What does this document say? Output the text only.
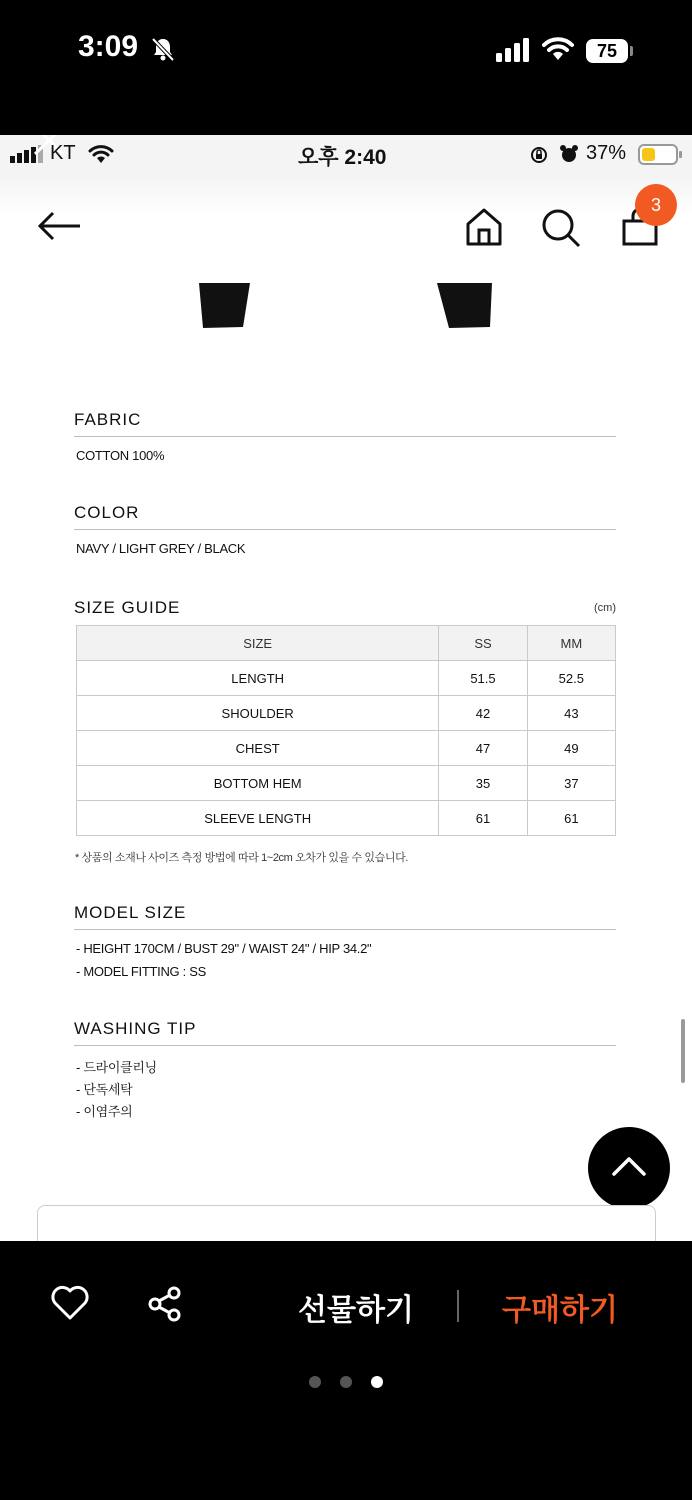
3:09	75
KT	오후 2:40	37%
3
FABRIC
COTTON 100%
COLOR
NAVY / LIGHT GREY / BLACK
SIZE GUIDE	(cm)
SIZE	SS	MM
LENGTH	51.5	52.5
SHOULDER	42	43
CHEST	47	49
BOTTOM HEM	35	37
SLEEVE LENGTH	61	61
* 상품의 소재나 사이즈 측정 방법에 따라 1~2cm 오차가 있을 수 있습니다.
MODEL SIZE
- HEIGHT 170CM / BUST 29" / WAIST 24" / HIP 34.2"
- MODEL FITTING : SS
WASHING TIP
- 드라이클리닝
- 단독세탁
- 이염주의
선물하기	구매하기
